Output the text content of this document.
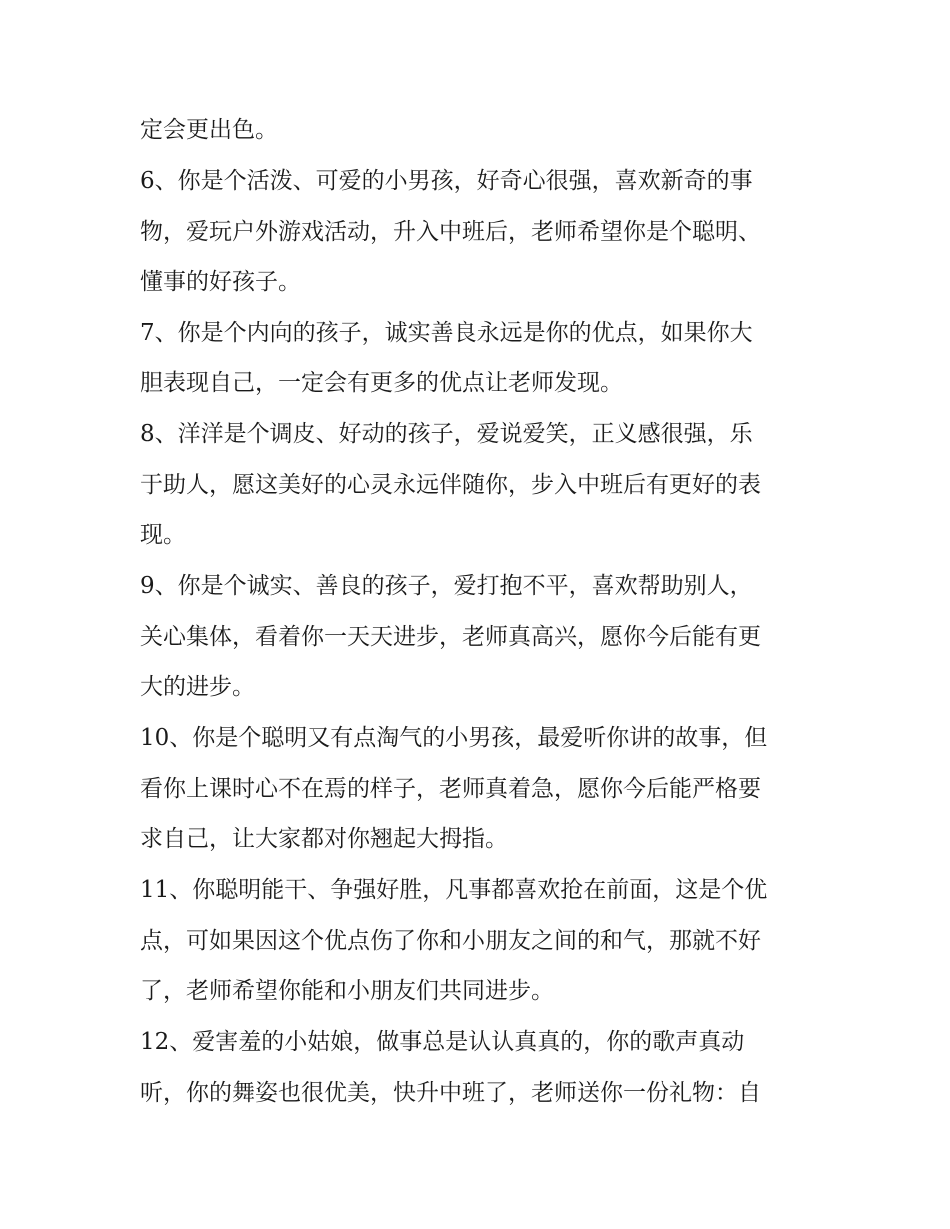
定会更出色。
6、你是个活泼、可爱的小男孩，好奇心很强，喜欢新奇的事
物，爱玩户外游戏活动，升入中班后，老师希望你是个聪明、
懂事的好孩子。
7、你是个内向的孩子，诚实善良永远是你的优点，如果你大
胆表现自己，一定会有更多的优点让老师发现。
8、洋洋是个调皮、好动的孩子，爱说爱笑，正义感很强，乐
于助人，愿这美好的心灵永远伴随你，步入中班后有更好的表
现。
9、你是个诚实、善良的孩子，爱打抱不平，喜欢帮助别人，
关心集体，看着你一天天进步，老师真高兴，愿你今后能有更
大的进步。
10、你是个聪明又有点淘气的小男孩，最爱听你讲的故事，但
看你上课时心不在焉的样子，老师真着急，愿你今后能严格要
求自己，让大家都对你翘起大拇指。
11、你聪明能干、争强好胜，凡事都喜欢抢在前面，这是个优
点，可如果因这个优点伤了你和小朋友之间的和气，那就不好
了，老师希望你能和小朋友们共同进步。
12、爱害羞的小姑娘，做事总是认认真真的，你的歌声真动
听，你的舞姿也很优美，快升中班了，老师送你一份礼物：自
